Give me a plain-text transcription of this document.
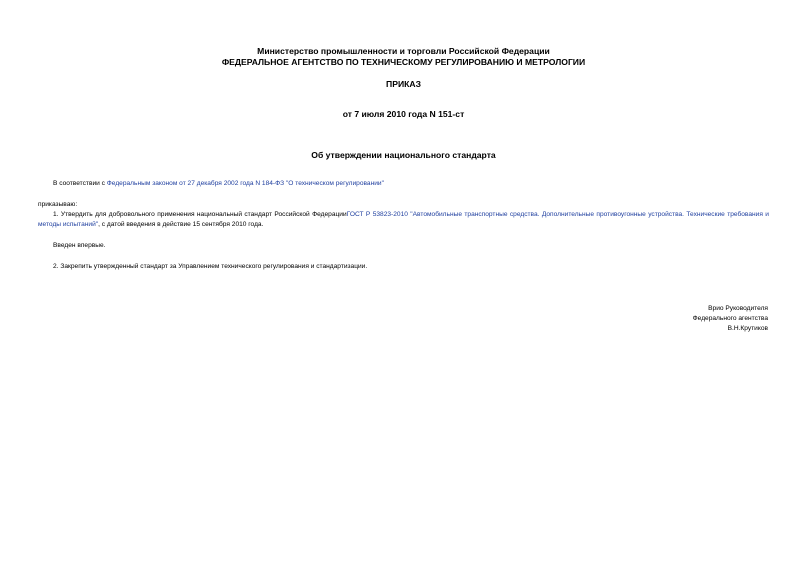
Министерство промышленности и торговли Российской Федерации
ФЕДЕРАЛЬНОЕ АГЕНТСТВО ПО ТЕХНИЧЕСКОМУ РЕГУЛИРОВАНИЮ И МЕТРОЛОГИИ
ПРИКАЗ
от 7 июля 2010 года N 151-ст
Об утверждении национального стандарта
В соответствии с Федеральным законом от 27 декабря 2002 года N 184-ФЗ "О техническом регулировании"
приказываю:
1. Утвердить для добровольного применения национальный стандарт Российской ФедерацииГОСТ Р 53823-2010 "Автомобильные транспортные средства. Дополнительные противоугонные устройства. Технические требования и методы испытаний", с датой введения в действие 15 сентября 2010 года.
Введен впервые.
2. Закрепить утвержденный стандарт за Управлением технического регулирования и стандартизации.
Врио Руководителя
Федерального агентства
В.Н.Крутиков
